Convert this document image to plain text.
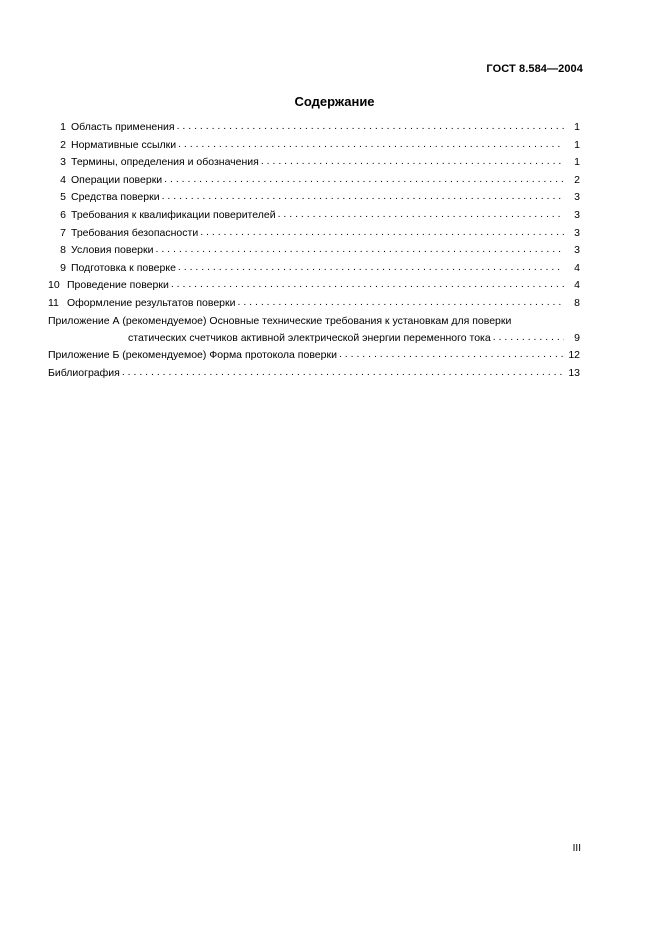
ГОСТ 8.584—2004
Содержание
1 Область применения . . .	1
2 Нормативные ссылки . . .	1
3 Термины, определения и обозначения . . .	1
4 Операции поверки . . .	2
5 Средства поверки . . .	3
6 Требования к квалификации поверителей . . .	3
7 Требования безопасности . . .	3
8 Условия поверки . . .	3
9 Подготовка к поверке . . .	4
10 Проведение поверки . . .	4
11 Оформление результатов поверки . . .	8
Приложение А (рекомендуемое) Основные технические требования к установкам для поверки
статических счетчиков активной электрической энергии переменного тока . . .	9
Приложение Б (рекомендуемое) Форма протокола поверки . . .	12
Библиография . . .	13
III
